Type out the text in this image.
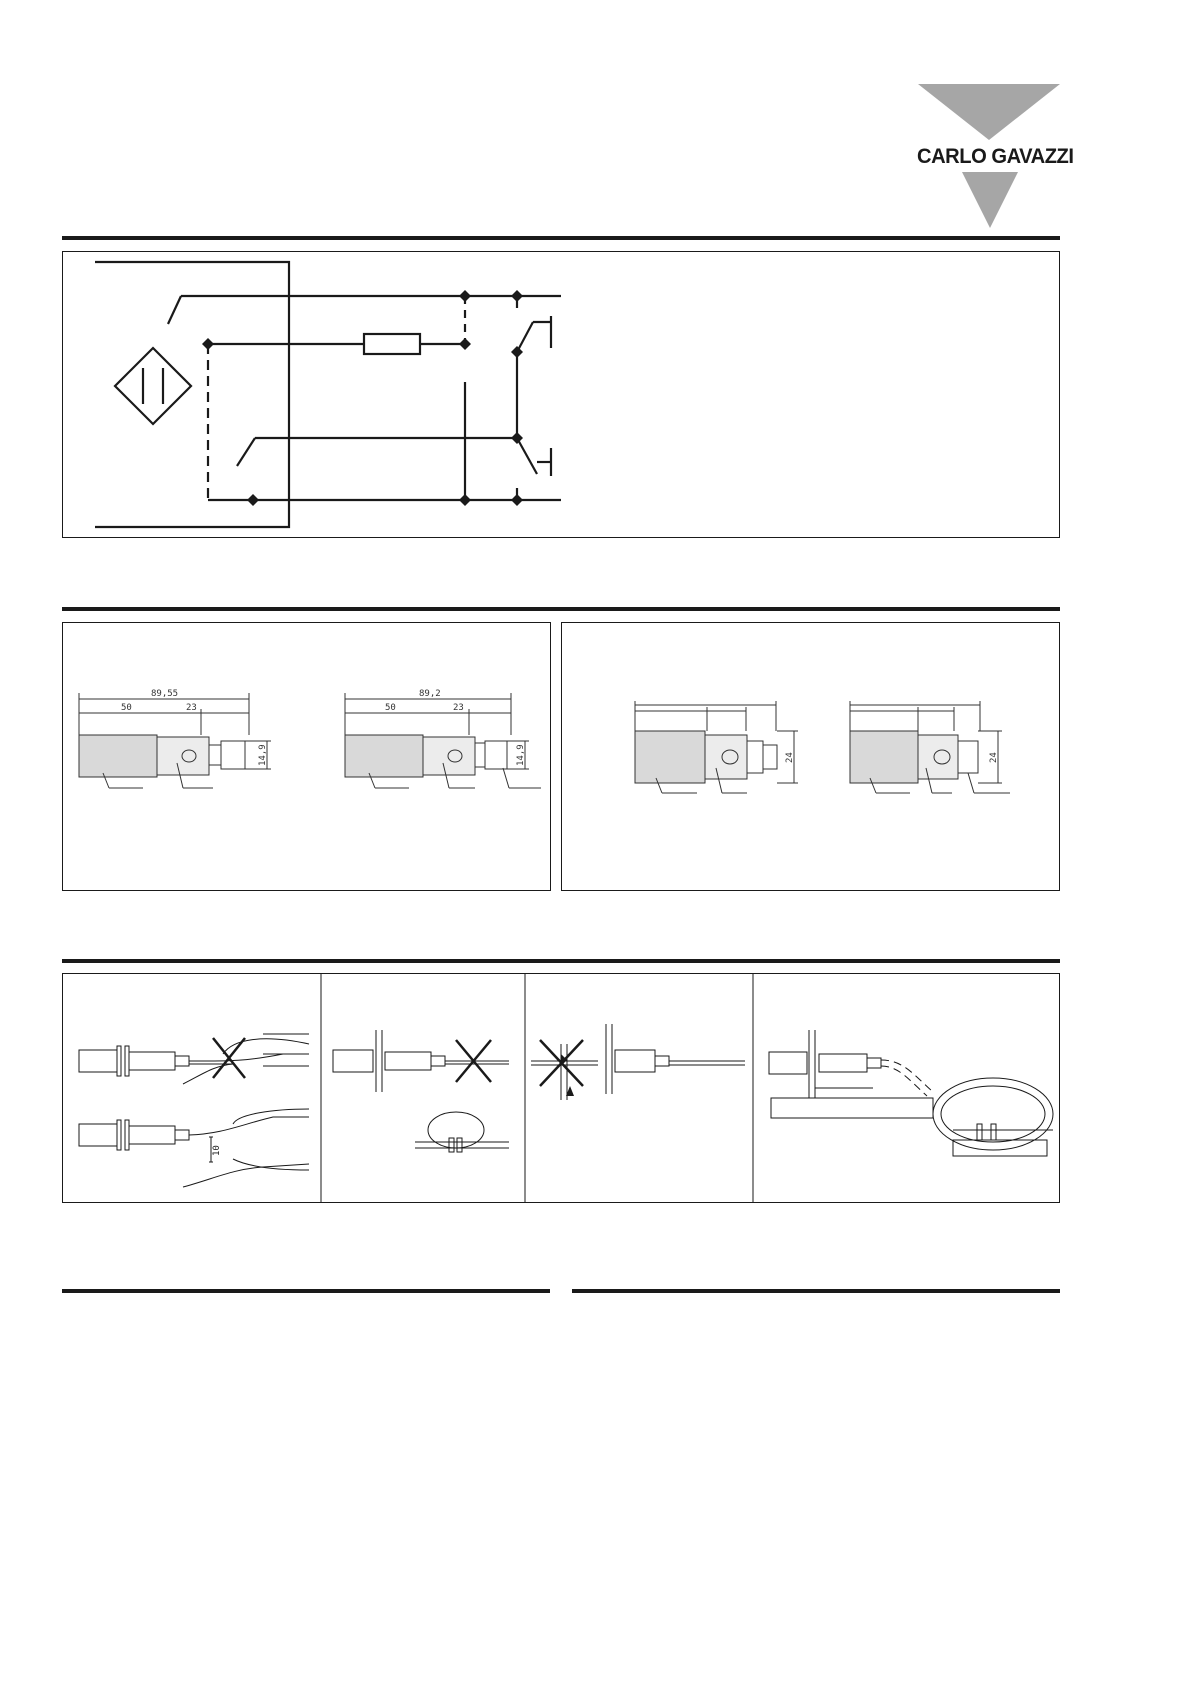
CARLO GAVAZZI
89,55
50	23
14,9
89,2
50	23
14,9	24	24
10
